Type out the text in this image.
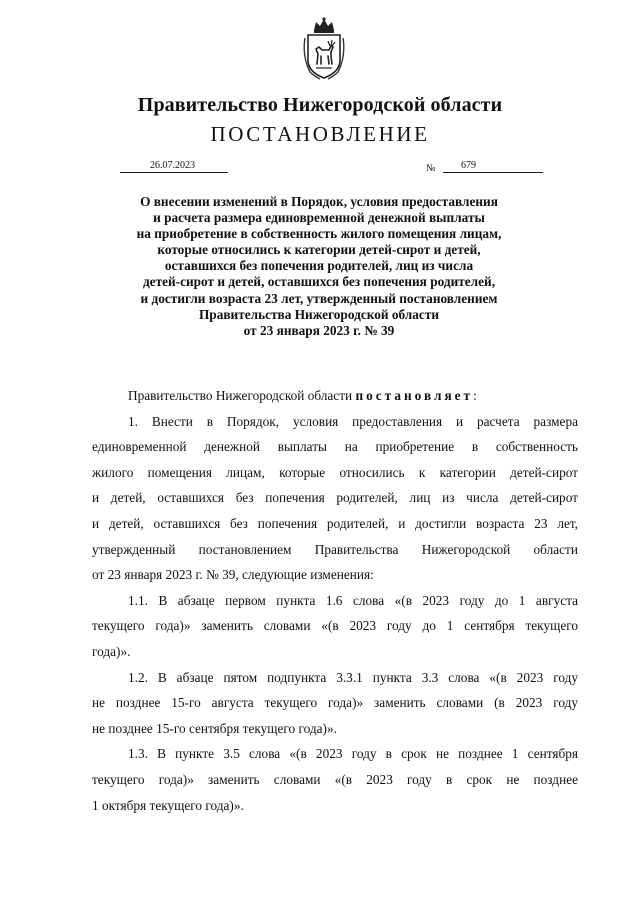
Правительство Нижегородской области
ПОСТАНОВЛЕНИЕ
26.07.2023	№	679
О внесении изменений в Порядок, условия предоставления
и расчета размера единовременной денежной выплаты
на приобретение в собственность жилого помещения лицам,
которые относились к категории детей-сирот и детей,
оставшихся без попечения родителей, лиц из числа
детей-сирот и детей, оставшихся без попечения родителей,
и достигли возраста 23 лет, утвержденный постановлением
Правительства Нижегородской области
от 23 января 2023 г. № 39
Правительство Нижегородской области постановляет:
1. Внести в Порядок, условия предоставления и расчета размера
единовременной денежной выплаты на приобретение в собственность
жилого помещения лицам, которые относились к категории детей-сирот
и детей, оставшихся без попечения родителей, лиц из числа детей-сирот
и детей, оставшихся без попечения родителей, и достигли возраста 23 лет,
утвержденный постановлением Правительства Нижегородской области
от 23 января 2023 г. № 39, следующие изменения:
1.1. В абзаце первом пункта 1.6 слова «(в 2023 году до 1 августа
текущего года)» заменить словами «(в 2023 году до 1 сентября текущего
года)».
1.2. В абзаце пятом подпункта 3.3.1 пункта 3.3 слова «(в 2023 году
не позднее 15-го августа текущего года)» заменить словами (в 2023 году
не позднее 15-го сентября текущего года)».
1.3. В пункте 3.5 слова «(в 2023 году в срок не позднее 1 сентября
текущего года)» заменить словами «(в 2023 году в срок не позднее
1 октября текущего года)».
